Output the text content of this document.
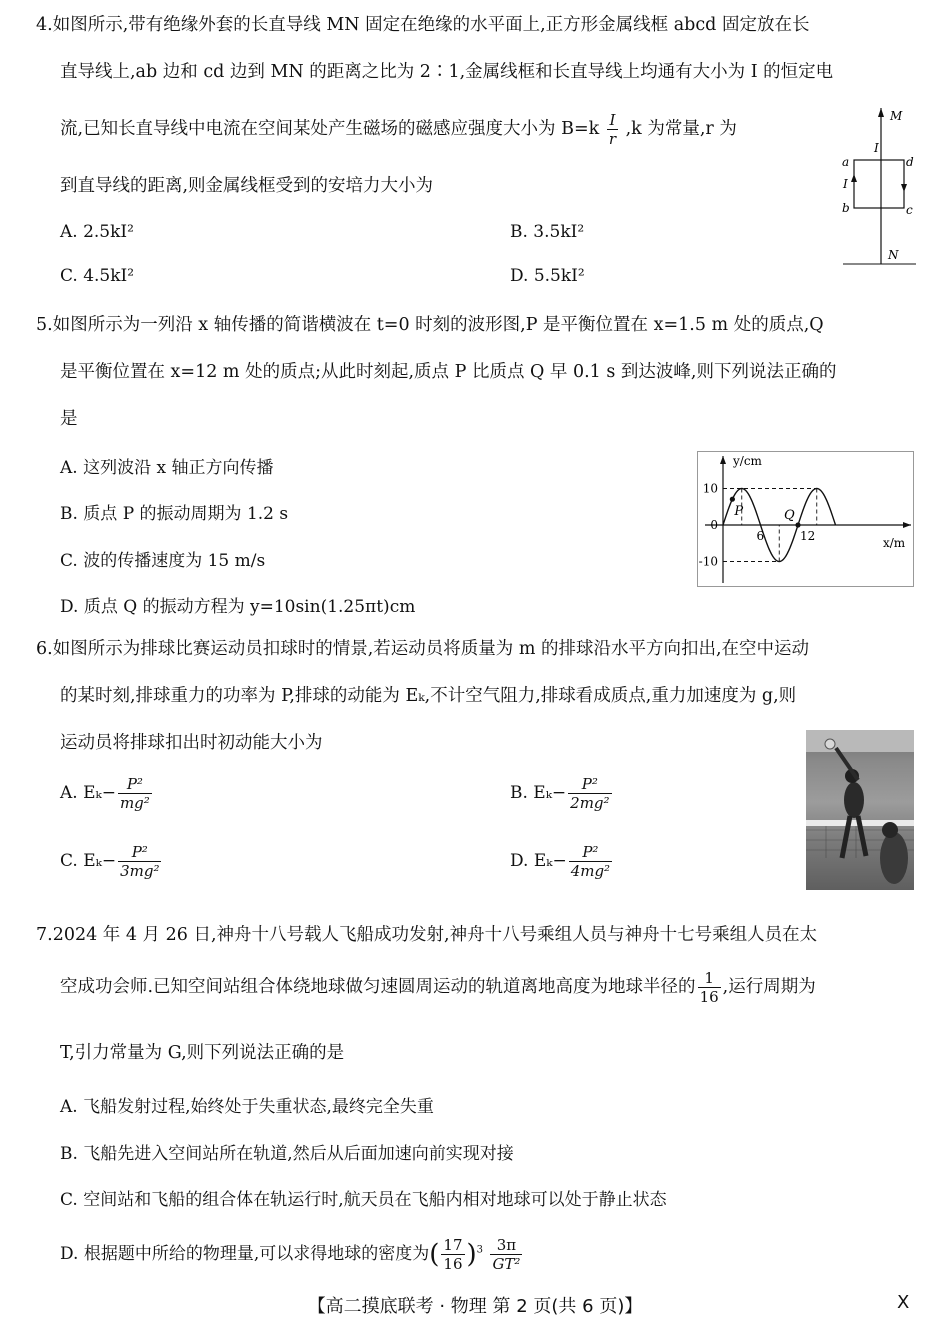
4.如图所示,带有绝缘外套的长直导线 MN 固定在绝缘的水平面上,正方形金属线框 abcd 固定放在长
直导线上,ab 边和 cd 边到 MN 的距离之比为 2∶1,金属线框和长直导线上均通有大小为 I 的恒定电
流,已知长直导线中电流在空间某处产生磁场的磁感应强度大小为 $B=k \frac{I}{r} ,k$ 为常量,r 为
到直导线的距离,则金属线框受到的安培力大小为
A. 2.5kI²	B. 3.5kI²
C. 4.5kI²	D. 5.5kI²
M
N
I
I
a
b	c
d
5.如图所示为一列沿 x 轴传播的简谐横波在 t=0 时刻的波形图,P 是平衡位置在 x=1.5 m 处的质点,Q
是平衡位置在 x=12 m 处的质点;从此时刻起,质点 P 比质点 Q 早 0.1 s 到达波峰,则下列说法正确的
是
A. 这列波沿 x 轴正方向传播
B. 质点 P 的振动周期为 1.2 s
C. 波的传播速度为 15 m/s
D. 质点 Q 的振动方程为 y=10sin(1.25πt)cm
10
0
-10
6	12
P	Q
y/cm
x/m
6.如图所示为排球比赛运动员扣球时的情景,若运动员将质量为 m 的排球沿水平方向扣出,在空中运动
的某时刻,排球重力的功率为 P,排球的动能为 Eₖ,不计空气阻力,排球看成质点,重力加速度为 g,则
运动员将排球扣出时初动能大小为
A. $E_k- \frac{\text{P²}}{\text{mg²}}$	B. $E_k- \frac{\text{P²}}{\text{2mg²}}$
C. $E_k- \frac{\text{P²}}{\text{3mg²}}$	D. $E_k- \frac{\text{P²}}{\text{4mg²}}$
7.2024 年 4 月 26 日,神舟十八号载人飞船成功发射,神舟十八号乘组人员与神舟十七号乘组人员在太
空成功会师.已知空间站组合体绕地球做匀速圆周运动的轨道离地高度为地球半径的 $\frac{1}{16}$ ,运行周期为
T,引力常量为 G,则下列说法正确的是
A. 飞船发射过程,始终处于失重状态,最终完全失重
B. 飞船先进入空间站所在轨道,然后从后面加速向前实现对接
C. 空间站和飞船的组合体在轨运行时,航天员在飞船内相对地球可以处于静止状态
D. 根据题中所给的物理量,可以求得地球的密度为( $\frac{17}{16} )^3 \frac{3\pi}{\text{GT²}}$
【高二摸底联考 · 物理 第 2 页(共 6 页)】	X
